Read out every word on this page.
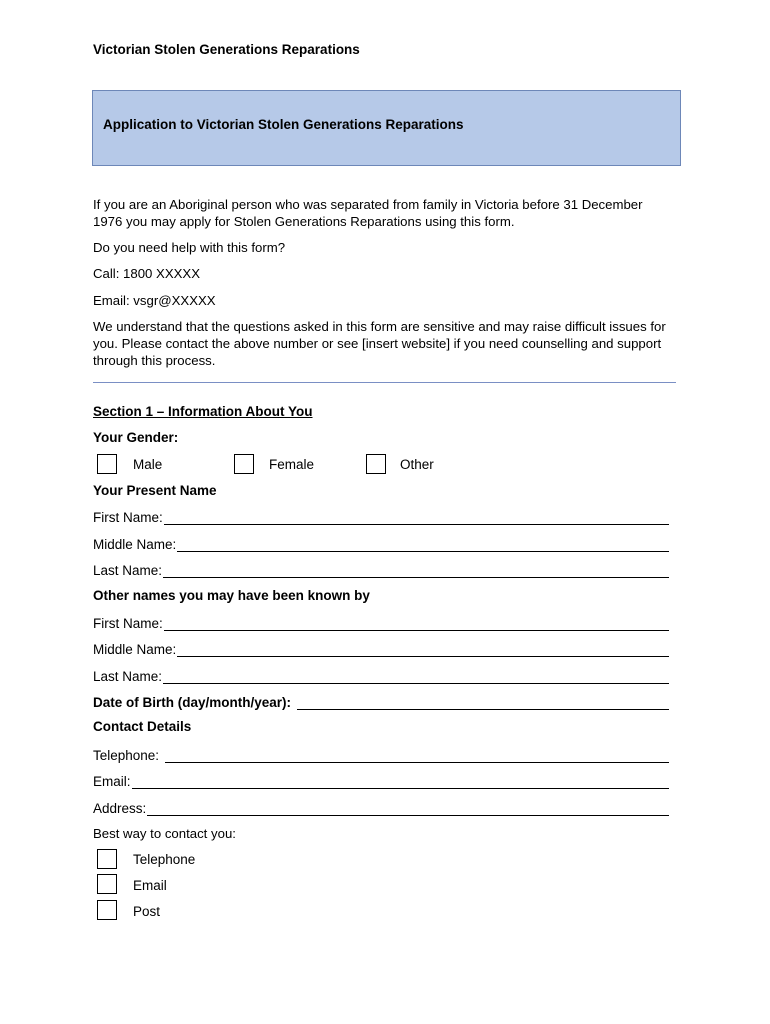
Victorian Stolen Generations Reparations
Application to Victorian Stolen Generations Reparations
If you are an Aboriginal person who was separated from family in Victoria before 31 December 1976 you may apply for Stolen Generations Reparations using this form.
Do you need help with this form?
Call: 1800 XXXXX
Email: vsgr@XXXXX
We understand that the questions asked in this form are sensitive and may raise difficult issues for you. Please contact the above number or see [insert website] if you need counselling and support through this process.
Section 1 – Information About You
Your Gender:
Male	Female	Other
Your Present Name
First Name:
Middle Name:
Last Name:
Other names you may have been known by
First Name:
Middle Name:
Last Name:
Date of Birth (day/month/year):
Contact Details
Telephone:
Email:
Address:
Best way to contact you:
Telephone
Email
Post
